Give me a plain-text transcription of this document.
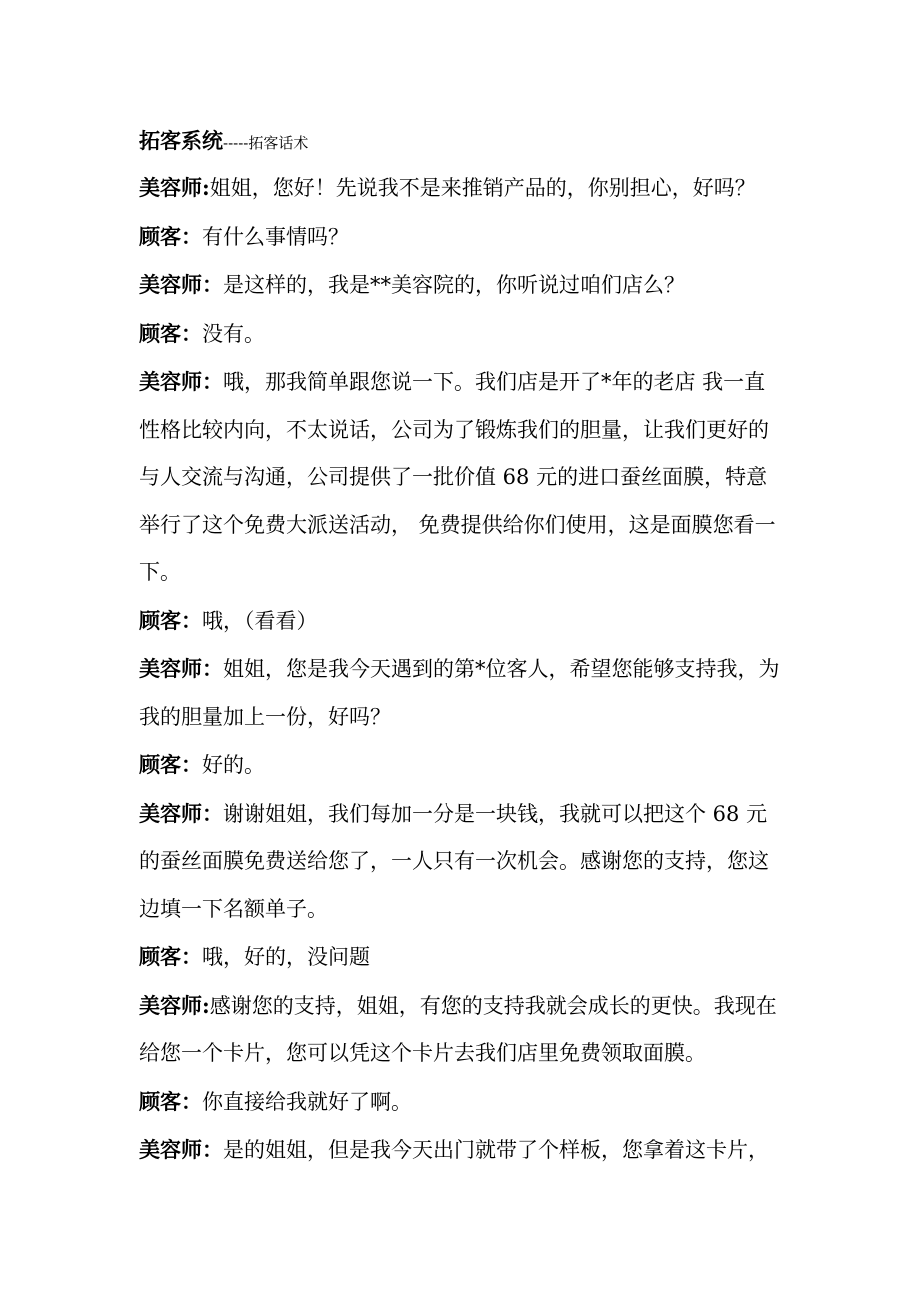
拓客系统-----拓客话术

美容师:姐姐，您好！先说我不是来推销产品的，你别担心，好吗？

顾客：有什么事情吗？

美容师：是这样的，我是**美容院的，你听说过咱们店么？

顾客：没有。

美容师：哦，那我简单跟您说一下。我们店是开了*年的老店 我一直性格比较内向，不太说话，公司为了锻炼我们的胆量，让我们更好的与人交流与沟通，公司提供了一批价值 68 元的进口蚕丝面膜，特意举行了这个免费大派送活动， 免费提供给你们使用，这是面膜您看一下。

顾客：哦，（看看）

美容师：姐姐，您是我今天遇到的第*位客人，希望您能够支持我，为我的胆量加上一份，好吗？

顾客：好的。

美容师：谢谢姐姐，我们每加一分是一块钱，我就可以把这个 68 元的蚕丝面膜免费送给您了，一人只有一次机会。感谢您的支持，您这边填一下名额单子。

顾客：哦，好的，没问题

美容师:感谢您的支持，姐姐，有您的支持我就会成长的更快。我现在给您一个卡片，您可以凭这个卡片去我们店里免费领取面膜。

顾客：你直接给我就好了啊。

美容师：是的姐姐，但是我今天出门就带了个样板，您拿着这卡片，
